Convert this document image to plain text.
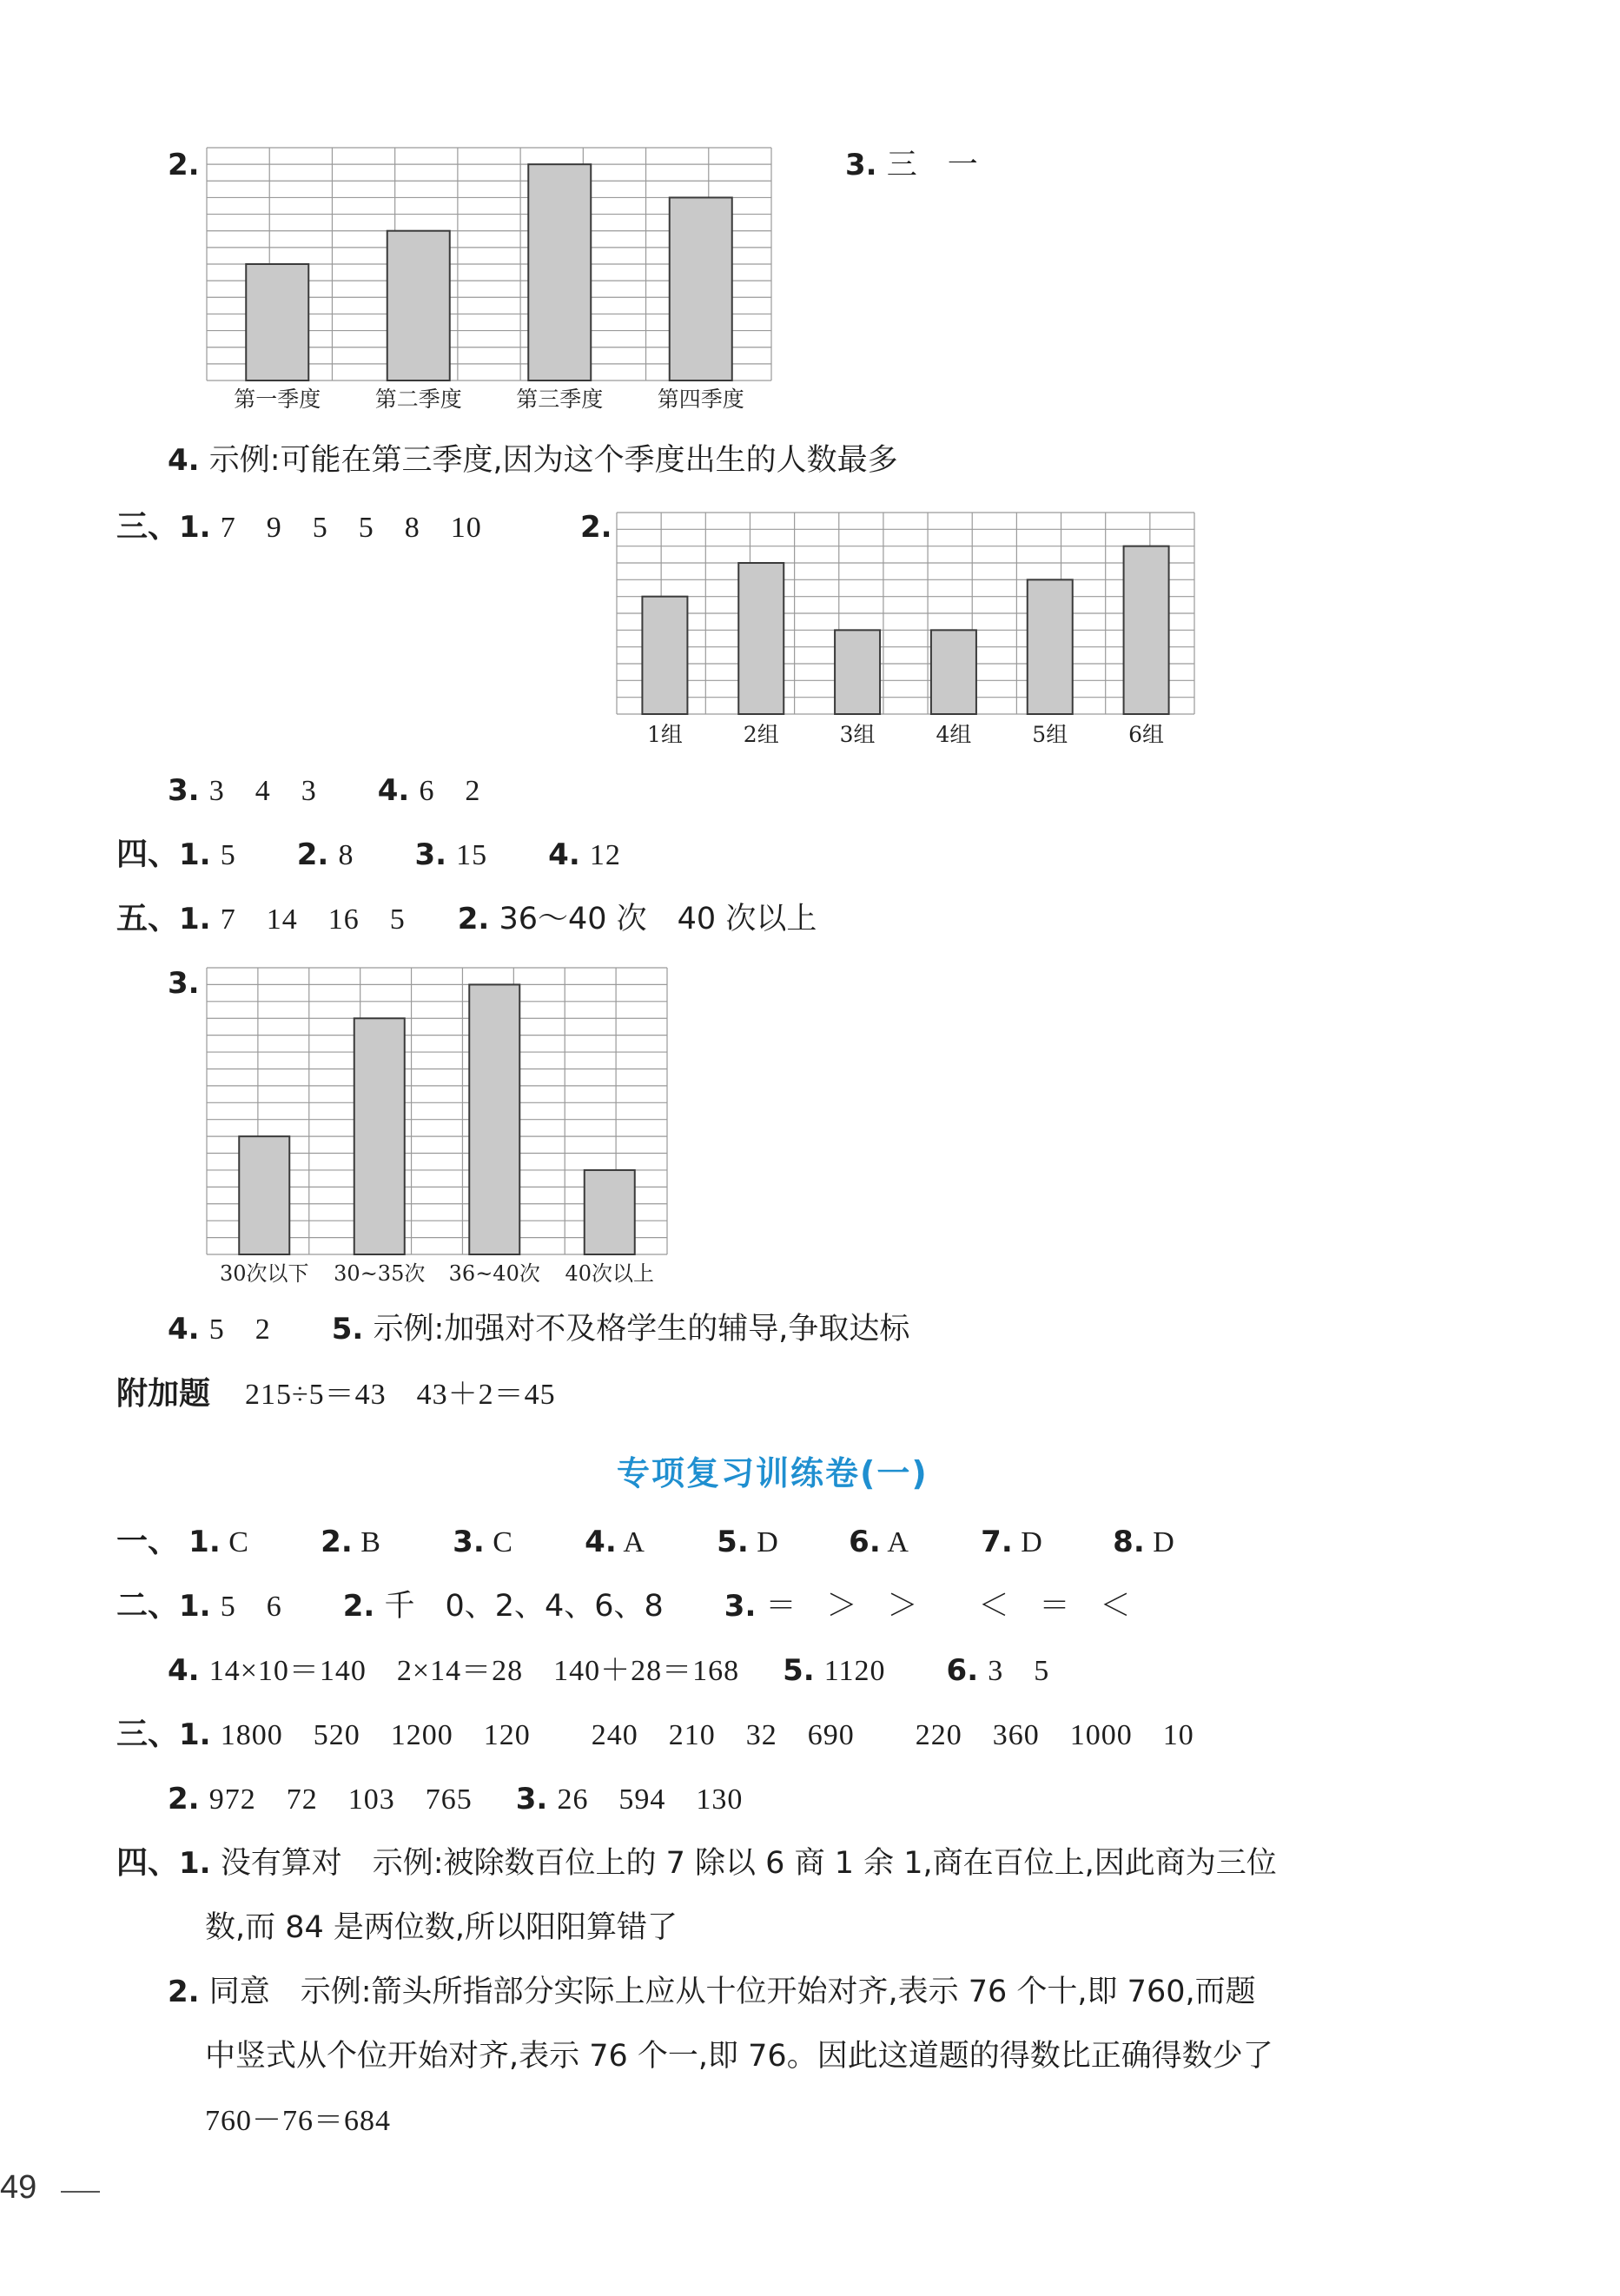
2.
第一季度 第二季度 第三季度 第四季度
3. 三　一
4. 示例:可能在第三季度,因为这个季度出生的人数最多
三、1. 7　9　5　5　8　10	2.
1组	2组	3组	4组	5组	6组
3. 3　4　3 4. 6　2
四、1. 5 2. 8 3. 15 4. 12
五、1. 7　14　16　5 2. 36～40 次　40 次以上
3.
30次以下 30~35次 36~40次 40次以上
4. 5　2 5. 示例:加强对不及格学生的辅导,争取达标
附加题 215÷5＝43　43＋2＝45
专项复习训练卷(一)
一、 1. C 2. B 3. C 4. A 5. D 6. A 7. D 8. D
二、1. 5　6 2. 千　0、2、4、6、8 3. ＝　＞　＞　　＜　＝　＜
4. 14×10＝140　2×14＝28　140＋28＝168 5. 1120 6. 3　5
三、1. 1800　520　1200　120　　240　210　32　690　　220　360　1000　10
2. 972　72　103　765 3. 26　594　130
四、1. 没有算对　示例:被除数百位上的 7 除以 6 商 1 余 1,商在百位上,因此商为三位
数,而 84 是两位数,所以阳阳算错了
2. 同意　示例:箭头所指部分实际上应从十位开始对齐,表示 76 个十,即 760,而题
中竖式从个位开始对齐,表示 76 个一,即 76。因此这道题的得数比正确得数少了
760－76＝684
49
